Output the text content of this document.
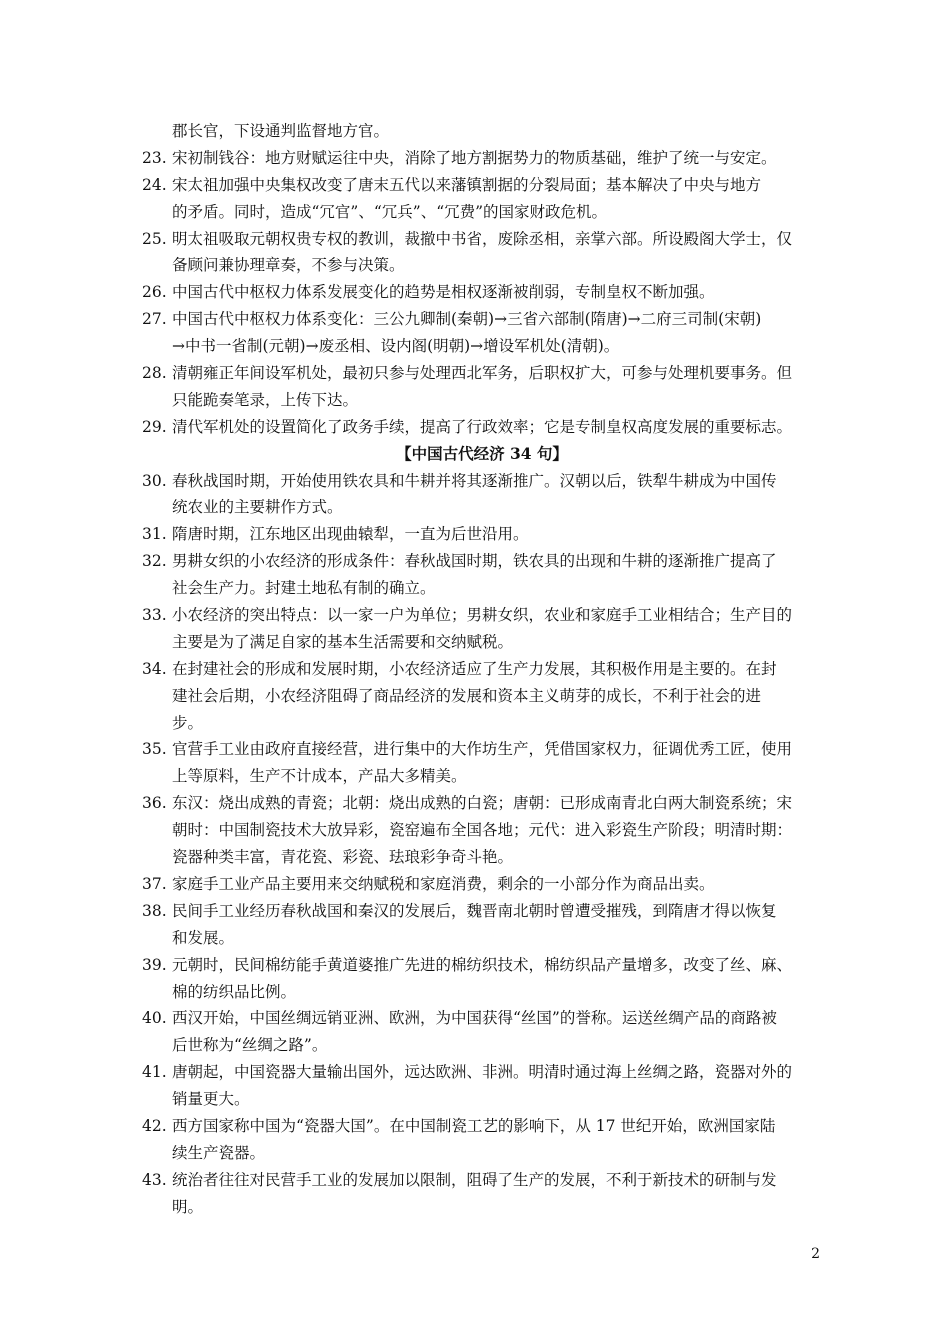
郡长官，下设通判监督地方官。
23. 宋初制钱谷：地方财赋运往中央，消除了地方割据势力的物质基础，维护了统一与安定。
24. 宋太祖加强中央集权改变了唐末五代以来藩镇割据的分裂局面；基本解决了中央与地方
的矛盾。同时，造成“冗官”、“冗兵”、“冗费”的国家财政危机。
25. 明太祖吸取元朝权贵专权的教训，裁撤中书省，废除丞相，亲掌六部。所设殿阁大学士，仅
备顾问兼协理章奏，不参与决策。
26. 中国古代中枢权力体系发展变化的趋势是相权逐渐被削弱，专制皇权不断加强。
27. 中国古代中枢权力体系变化：三公九卿制(秦朝)→三省六部制(隋唐)→二府三司制(宋朝)
→中书一省制(元朝)→废丞相、设内阁(明朝)→增设军机处(清朝)。
28. 清朝雍正年间设军机处，最初只参与处理西北军务，后职权扩大，可参与处理机要事务。但
只能跪奏笔录，上传下达。
29. 清代军机处的设置简化了政务手续，提高了行政效率；它是专制皇权高度发展的重要标志。
【中国古代经济 34 句】
30. 春秋战国时期，开始使用铁农具和牛耕并将其逐渐推广。汉朝以后，铁犁牛耕成为中国传
统农业的主要耕作方式。
31. 隋唐时期，江东地区出现曲辕犁，一直为后世沿用。
32. 男耕女织的小农经济的形成条件：春秋战国时期，铁农具的出现和牛耕的逐渐推广提高了
社会生产力。封建土地私有制的确立。
33. 小农经济的突出特点：以一家一户为单位；男耕女织，农业和家庭手工业相结合；生产目的
主要是为了满足自家的基本生活需要和交纳赋税。
34. 在封建社会的形成和发展时期，小农经济适应了生产力发展，其积极作用是主要的。在封
建社会后期，小农经济阻碍了商品经济的发展和资本主义萌芽的成长，不利于社会的进
步。
35. 官营手工业由政府直接经营，进行集中的大作坊生产，凭借国家权力，征调优秀工匠，使用
上等原料，生产不计成本，产品大多精美。
36. 东汉：烧出成熟的青瓷；北朝：烧出成熟的白瓷；唐朝：已形成南青北白两大制瓷系统；宋
朝时：中国制瓷技术大放异彩，瓷窑遍布全国各地；元代：进入彩瓷生产阶段；明清时期：
瓷器种类丰富，青花瓷、彩瓷、珐琅彩争奇斗艳。
37. 家庭手工业产品主要用来交纳赋税和家庭消费，剩余的一小部分作为商品出卖。
38. 民间手工业经历春秋战国和秦汉的发展后，魏晋南北朝时曾遭受摧残，到隋唐才得以恢复
和发展。
39. 元朝时，民间棉纺能手黄道婆推广先进的棉纺织技术，棉纺织品产量增多，改变了丝、麻、
棉的纺织品比例。
40. 西汉开始，中国丝绸远销亚洲、欧洲，为中国获得“丝国”的誉称。运送丝绸产品的商路被
后世称为“丝绸之路”。
41. 唐朝起，中国瓷器大量输出国外，远达欧洲、非洲。明清时通过海上丝绸之路，瓷器对外的
销量更大。
42. 西方国家称中国为“瓷器大国”。在中国制瓷工艺的影响下，从 17 世纪开始，欧洲国家陆
续生产瓷器。
43. 统治者往往对民营手工业的发展加以限制，阻碍了生产的发展，不利于新技术的研制与发
明。
2
